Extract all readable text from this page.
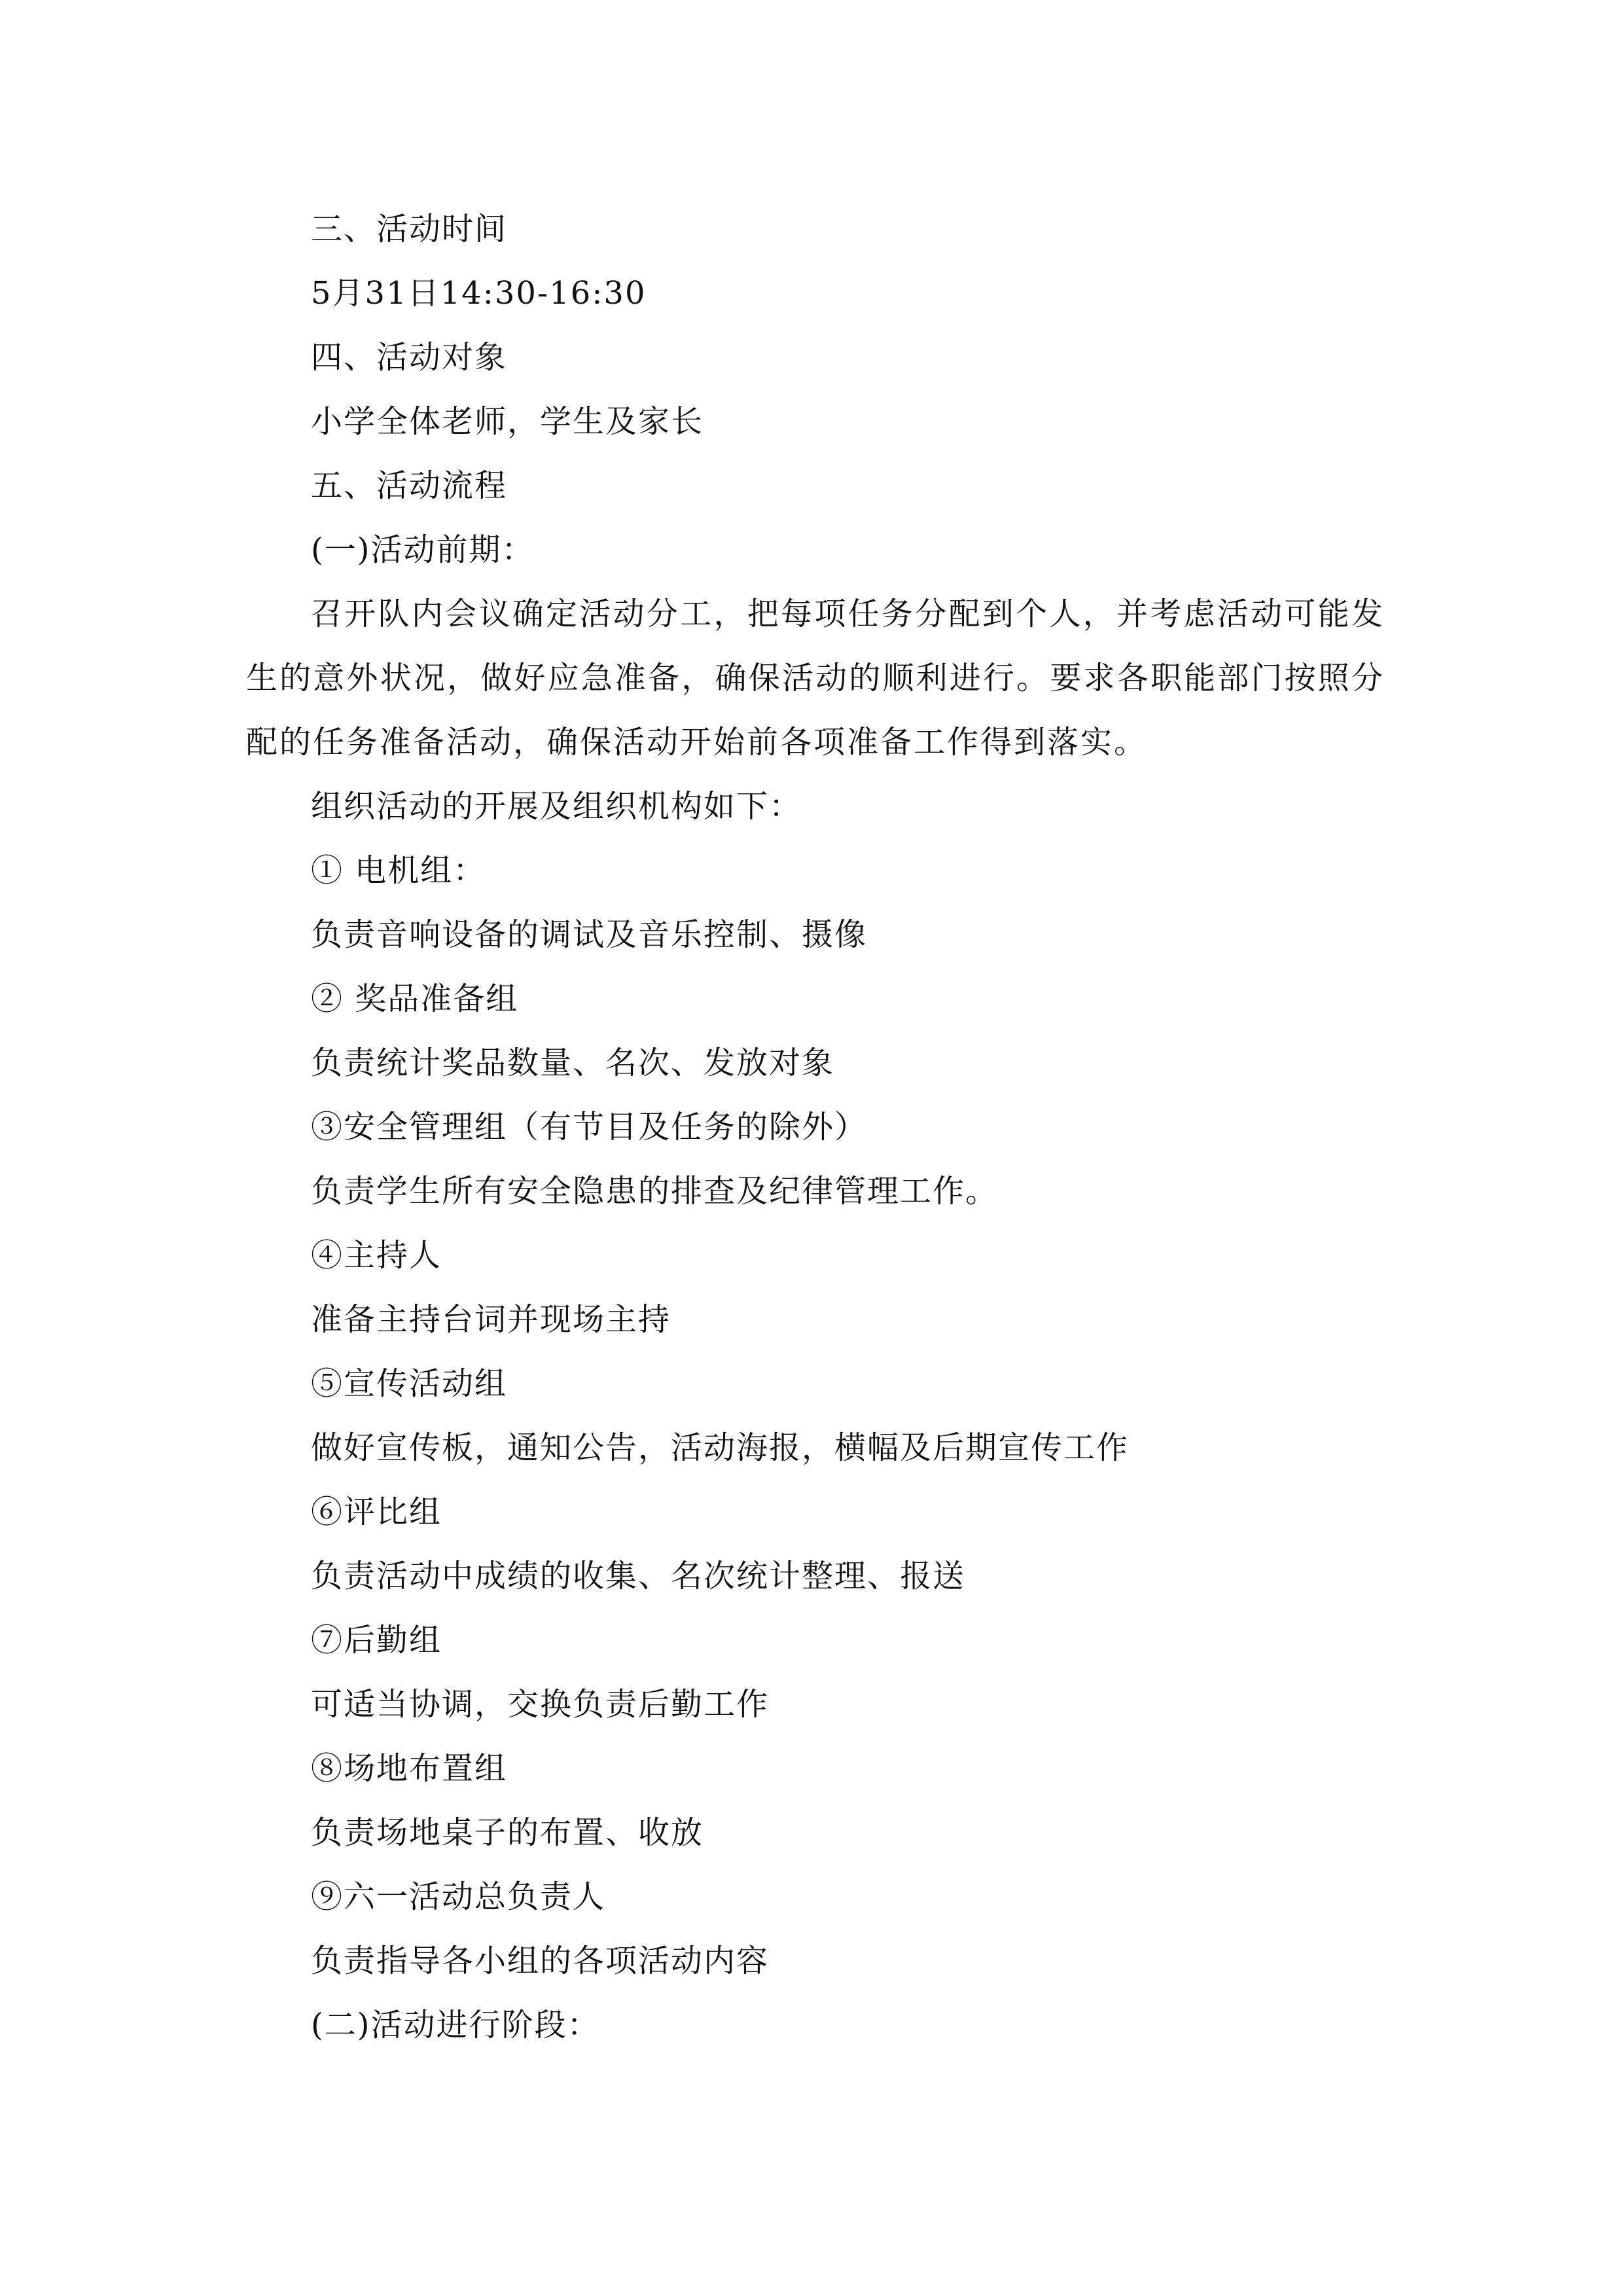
三、活动时间
5月31日14:30-16:30
四、活动对象
小学全体老师，学生及家长
五、活动流程
(一)活动前期：
召开队内会议确定活动分工，把每项任务分配到个人，并考虑活动可能发生的意外状况，做好应急准备，确保活动的顺利进行。要求各职能部门按照分配的任务准备活动，确保活动开始前各项准备工作得到落实。
组织活动的开展及组织机构如下：
① 电机组：
负责音响设备的调试及音乐控制、摄像
② 奖品准备组
负责统计奖品数量、名次、发放对象
③安全管理组（有节目及任务的除外）
负责学生所有安全隐患的排查及纪律管理工作。
④主持人
准备主持台词并现场主持
⑤宣传活动组
做好宣传板，通知公告，活动海报，横幅及后期宣传工作
⑥评比组
负责活动中成绩的收集、名次统计整理、报送
⑦后勤组
可适当协调，交换负责后勤工作
⑧场地布置组
负责场地桌子的布置、收放
⑨六一活动总负责人
负责指导各小组的各项活动内容
(二)活动进行阶段：
